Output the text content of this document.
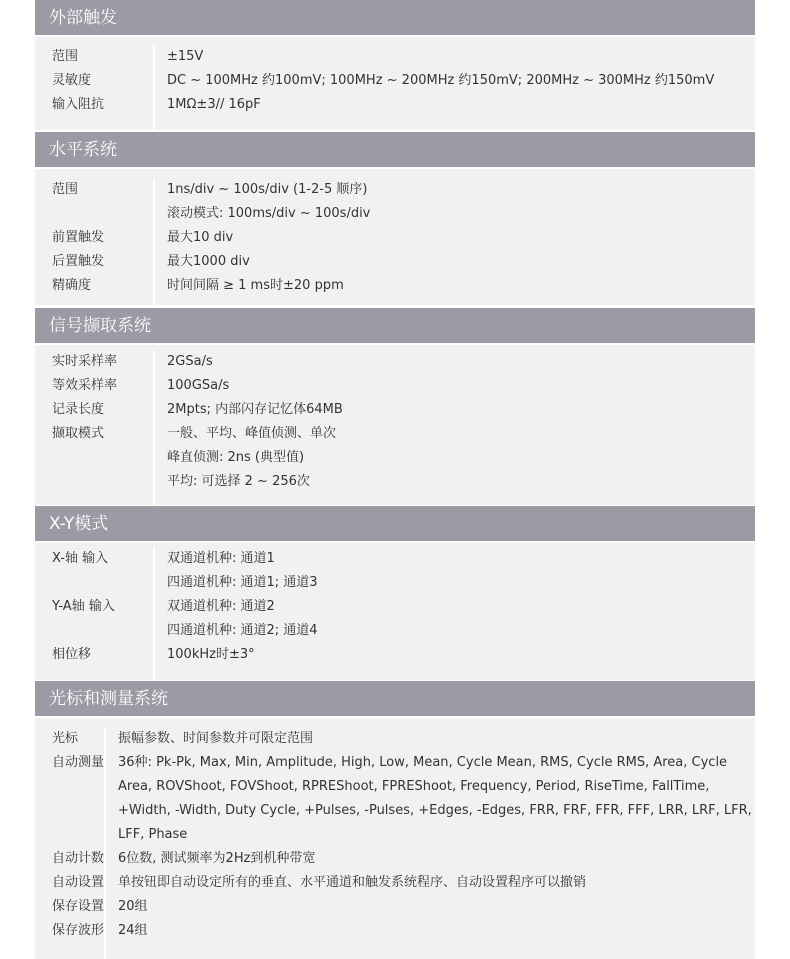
外部触发
范围
灵敏度
输入阻抗
±15V
DC ~ 100MHz 约100mV; 100MHz ~ 200MHz 约150mV; 200MHz ~ 300MHz 约150mV
1MΩ±3// 16pF
水平系统
范围
前置触发
后置触发
精确度
1ns/div ~ 100s/div (1-2-5 顺序)
滚动模式: 100ms/div ~ 100s/div
最大10 div
最大1000 div
时间间隔 ≥ 1 ms时±20 ppm
信号撷取系统
实时采样率
等效采样率
记录长度
撷取模式
2GSa/s
100GSa/s
2Mpts; 内部闪存记忆体64MB
一般、平均、峰值侦测、单次
峰直侦测: 2ns (典型值)
平均: 可选择 2 ~ 256次
X-Y模式
X-轴 输入
Y-A轴 输入
相位移
双通道机种: 通道1
四通道机种: 通道1; 通道3
双通道机种: 通道2
四通道机种: 通道2; 通道4
100kHz时±3°
光标和测量系统
光标
自动测量
自动计数
自动设置
保存设置
保存波形
振幅参数、时间参数并可限定范围
36种: Pk-Pk, Max, Min, Amplitude, High, Low, Mean, Cycle Mean, RMS, Cycle RMS, Area, Cycle
Area, ROVShoot, FOVShoot, RPREShoot, FPREShoot, Frequency, Period, RiseTime, FallTime,
+Width, -Width, Duty Cycle, +Pulses, -Pulses, +Edges, -Edges, FRR, FRF, FFR, FFF, LRR, LRF, LFR,
LFF, Phase
6位数, 测试频率为2Hz到机种带宽
单按钮即自动设定所有的垂直、水平通道和触发系统程序、自动设置程序可以撤销
20组
24组
